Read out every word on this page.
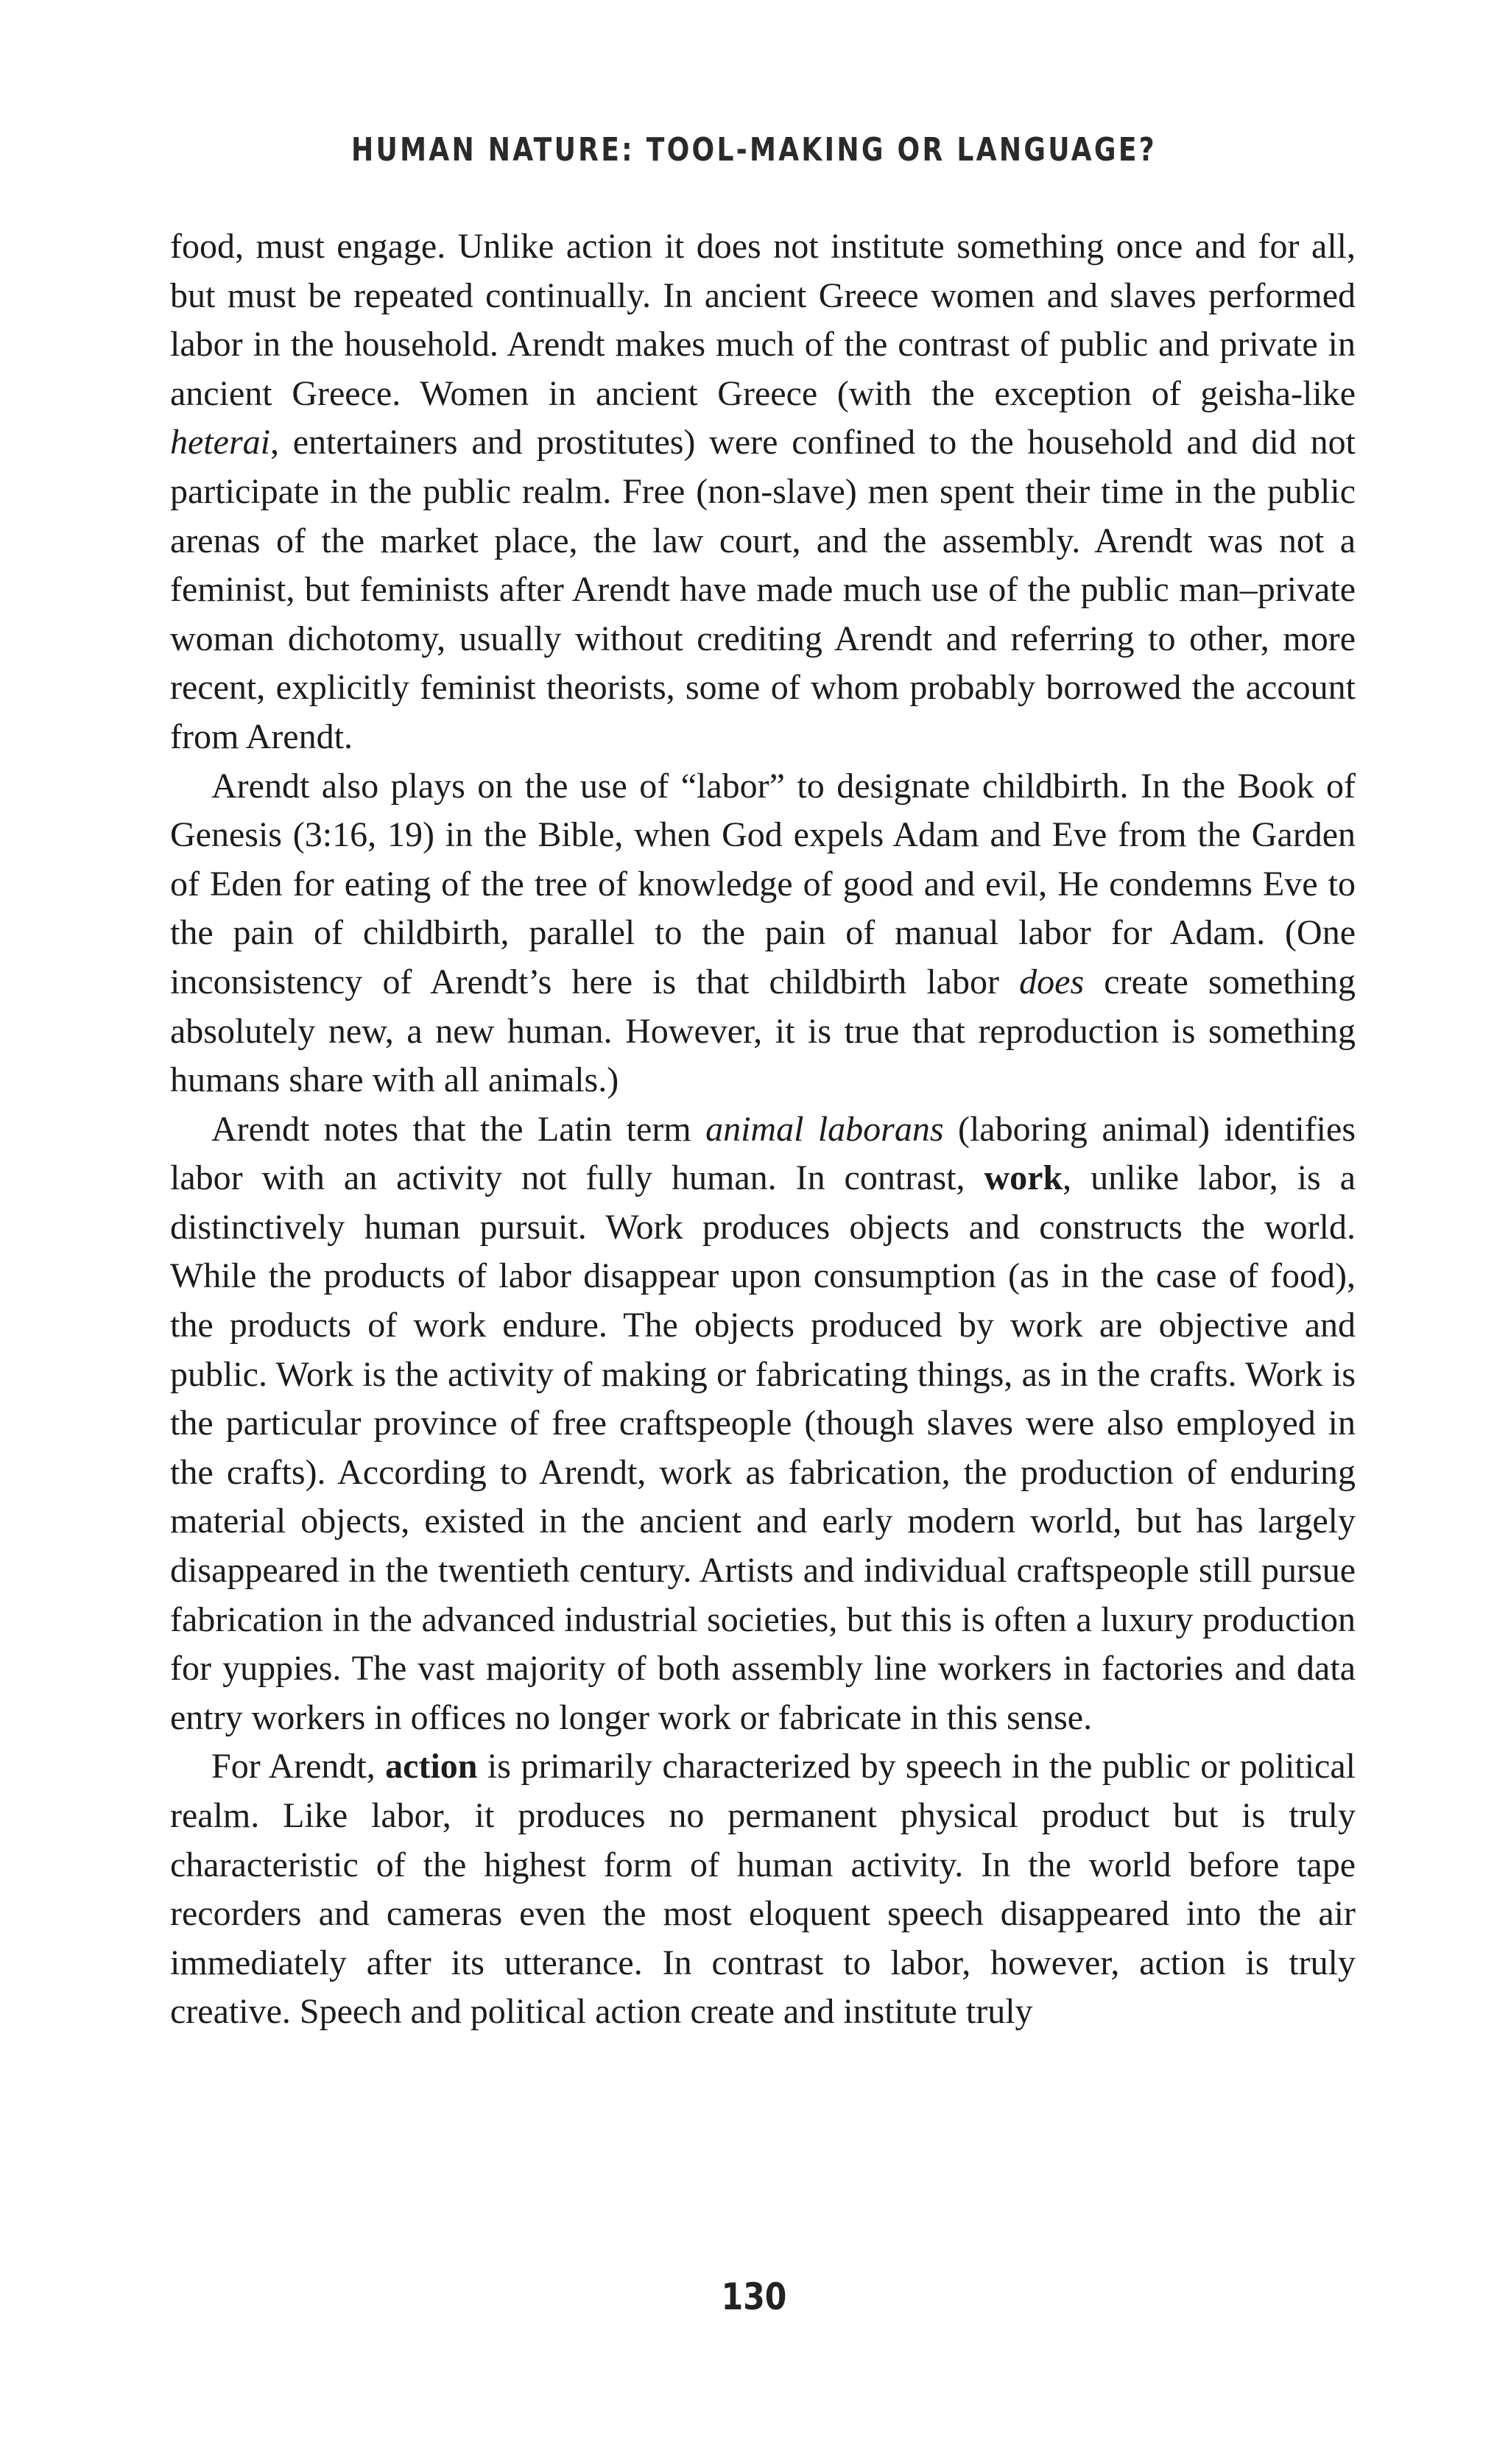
HUMAN NATURE: TOOL-MAKING OR LANGUAGE?

food, must engage. Unlike action it does not institute something once and for all, but must be repeated continually. In ancient Greece women and slaves performed labor in the household. Arendt makes much of the contrast of public and private in ancient Greece. Women in ancient Greece (with the exception of geisha-like heterai, entertainers and prostitutes) were confined to the household and did not participate in the public realm. Free (non-slave) men spent their time in the public arenas of the market place, the law court, and the assembly. Arendt was not a feminist, but feminists after Arendt have made much use of the public man–private woman dichotomy, usually without crediting Arendt and referring to other, more recent, explicitly feminist theorists, some of whom probably borrowed the account from Arendt.

Arendt also plays on the use of “labor” to designate childbirth. In the Book of Genesis (3:16, 19) in the Bible, when God expels Adam and Eve from the Garden of Eden for eating of the tree of knowledge of good and evil, He condemns Eve to the pain of childbirth, parallel to the pain of manual labor for Adam. (One inconsistency of Arendt’s here is that childbirth labor does create something absolutely new, a new human. However, it is true that reproduction is something humans share with all animals.)

Arendt notes that the Latin term animal laborans (laboring animal) identifies labor with an activity not fully human. In contrast, work, unlike labor, is a distinctively human pursuit. Work produces objects and constructs the world. While the products of labor disappear upon consumption (as in the case of food), the products of work endure. The objects produced by work are objective and public. Work is the activity of making or fabricating things, as in the crafts. Work is the particular province of free craftspeople (though slaves were also employed in the crafts). According to Arendt, work as fabrication, the production of enduring material objects, existed in the ancient and early modern world, but has largely disappeared in the twentieth century. Artists and individual craftspeople still pursue fabrication in the advanced industrial societies, but this is often a luxury production for yuppies. The vast majority of both assembly line workers in factories and data entry workers in offices no longer work or fabricate in this sense.

For Arendt, action is primarily characterized by speech in the public or political realm. Like labor, it produces no permanent physical product but is truly characteristic of the highest form of human activity. In the world before tape recorders and cameras even the most eloquent speech disappeared into the air immediately after its utterance. In contrast to labor, however, action is truly creative. Speech and political action create and institute truly

130
